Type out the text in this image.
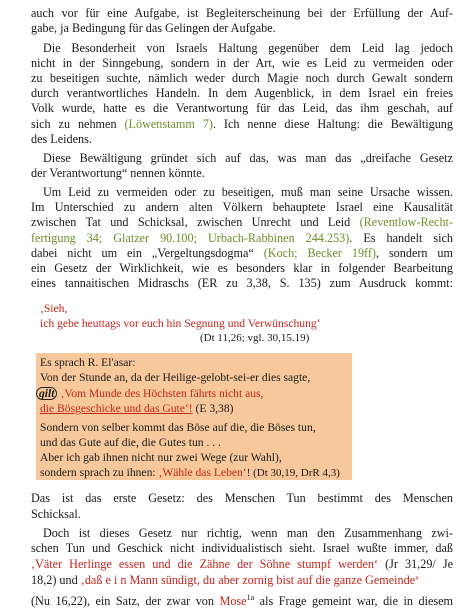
auch vor für eine Aufgabe, ist Begleiterscheinung bei der Erfüllung der Auf-
gabe, ja Bedingung für das Gelingen der Aufgabe.
Die Besonderheit von Israels Haltung gegenüber dem Leid lag jedoch
nicht in der Sinngebung, sondern in der Art, wie es Leid zu vermeiden oder
zu beseitigen suchte, nämlich weder durch Magie noch durch Gewalt sondern
durch verantwortliches Handeln. In dem Augenblick, in dem Israel ein freies
Volk wurde, hatte es die Verantwortung für das Leid, das ihm geschah, auf
sich zu nehmen (Löwenstamm 7). Ich nenne diese Haltung: die Bewältigung
des Leidens.
Diese Bewältigung gründet sich auf das, was man das „dreifache Gesetz
der Verantwortung“ nennen könnte.
Um Leid zu vermeiden oder zu beseitigen, muß man seine Ursache wissen.
Im Unterschied zu andern alten Völkern behauptete Israel eine Kausalität
zwischen Tat und Schicksal, zwischen Unrecht und Leid (Reventlow-Recht-
fertigung 34; Glatzer 90.100; Urbach-Rabbinen 244.253). Es handelt sich
dabei nicht um ein „Vergeltungsdogma“ (Koch; Becker 19ff), sondern um
ein Gesetz der Wirklichkeit, wie es besonders klar in folgender Bearbeitung
eines tannaitischen Midraschs (ER zu 3,38, S. 135) zum Ausdruck kommt:
‚Sieh,
ich gebe heuttags vor euch hin Segnung und Verwünschung‘
(Dt 11,26; vgl. 30,15.19)
Es sprach R. El'asar:
Von der Stunde an, da der Heilige-gelobt-sei-er dies sagte,
gilt ‚Vom Munde des Höchsten fährts nicht aus,
die Bösgeschicke und das Gute‘! (E 3,38)
Sondern von selber kommt das Böse auf die, die Böses tun,
und das Gute auf die, die Gutes tun . . .
Aber ich gab ihnen nicht nur zwei Wege (zur Wahl),
sondern sprach zu ihnen: ‚Wähle das Leben‘! (Dt 30,19, DrR 4,3)
Das ist das erste Gesetz: des Menschen Tun bestimmt des Menschen
Schicksal.
Doch ist dieses Gesetz nur richtig, wenn man den Zusammenhang zwi-
schen Tun und Geschick nicht individualistisch sieht. Israel wußte immer, daß
‚Väter Herlinge essen und die Zähne der Söhne stumpf werden‘ (Jr 31,29/ Je
18,2) und ‚daß e i n Mann sündigt, du aber zornig bist auf die ganze Gemeinde‘
(Nu 16,22), ein Satz, der zwar von Mose$^{1a}$ als Frage gemeint war, die in diesem
